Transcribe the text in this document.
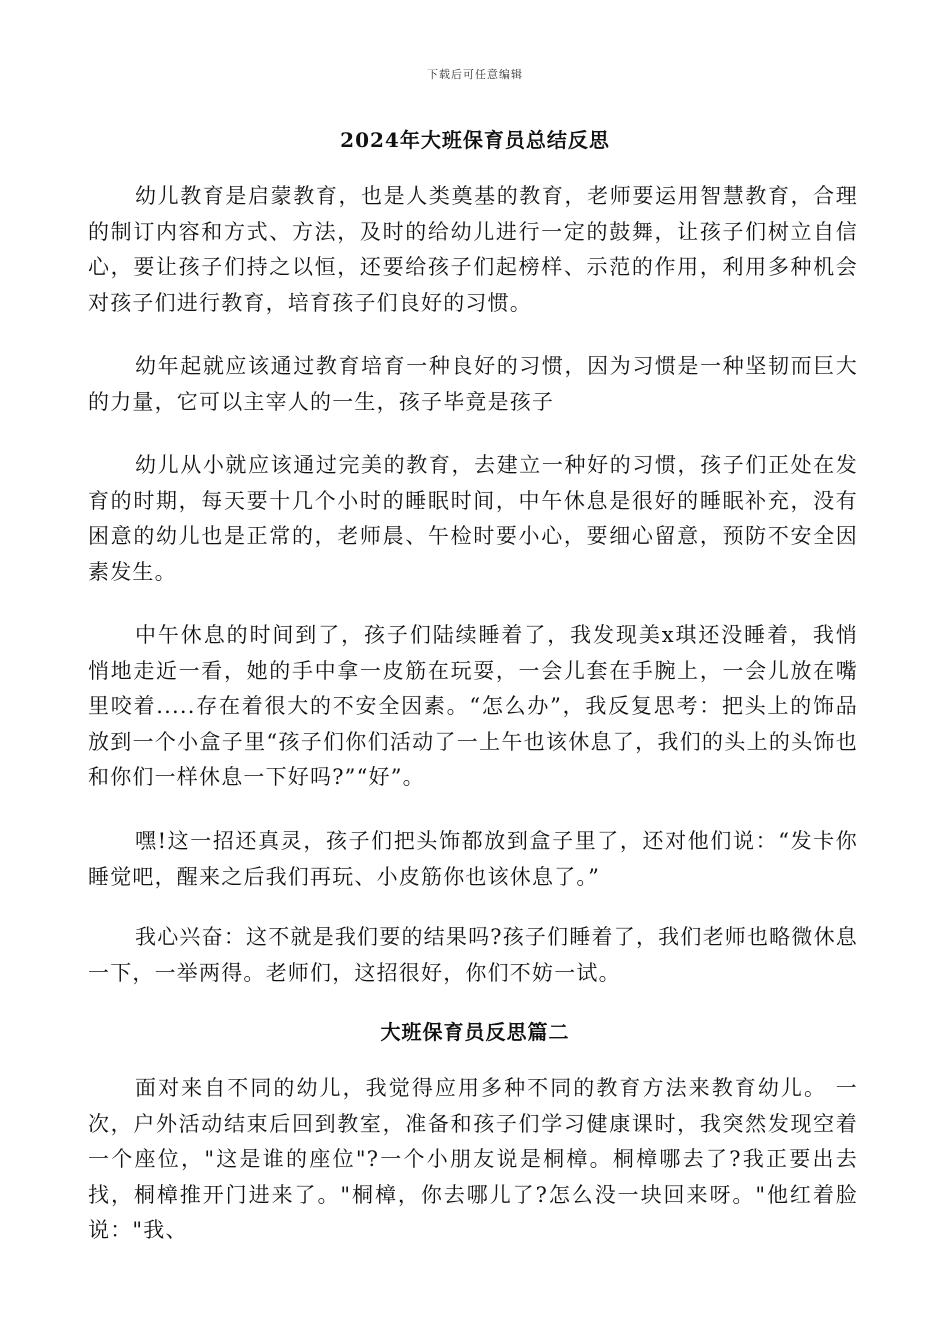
下载后可任意编辑
2024年大班保育员总结反思

幼儿教育是启蒙教育，也是人类奠基的教育，老师要运用智慧教育，合理的制订内容和方式、方法，及时的给幼儿进行一定的鼓舞，让孩子们树立自信心，要让孩子们持之以恒，还要给孩子们起榜样、示范的作用，利用多种机会对孩子们进行教育，培育孩子们良好的习惯。

幼年起就应该通过教育培育一种良好的习惯，因为习惯是一种坚韧而巨大的力量，它可以主宰人的一生，孩子毕竟是孩子

幼儿从小就应该通过完美的教育，去建立一种好的习惯，孩子们正处在发育的时期，每天要十几个小时的睡眠时间，中午休息是很好的睡眠补充，没有困意的幼儿也是正常的，老师晨、午检时要小心，要细心留意，预防不安全因素发生。

中午休息的时间到了，孩子们陆续睡着了，我发现美x琪还没睡着，我悄悄地走近一看，她的手中拿一皮筋在玩耍，一会儿套在手腕上，一会儿放在嘴里咬着.....存在着很大的不安全因素。“怎么办”，我反复思考：把头上的饰品放到一个小盒子里“孩子们你们活动了一上午也该休息了，我们的头上的头饰也和你们一样休息一下好吗?”“好”。

嘿!这一招还真灵，孩子们把头饰都放到盒子里了，还对他们说：“发卡你睡觉吧，醒来之后我们再玩、小皮筋你也该休息了。”

我心兴奋：这不就是我们要的结果吗?孩子们睡着了，我们老师也略微休息一下，一举两得。老师们，这招很好，你们不妨一试。

大班保育员反思篇二

面对来自不同的幼儿，我觉得应用多种不同的教育方法来教育幼儿。 一次，户外活动结束后回到教室，准备和孩子们学习健康课时，我突然发现空着一个座位，"这是谁的座位"?一个小朋友说是桐樟。桐樟哪去了?我正要出去找，桐樟推开门进来了。"桐樟，你去哪儿了?怎么没一块回来呀。"他红着脸说："我、
